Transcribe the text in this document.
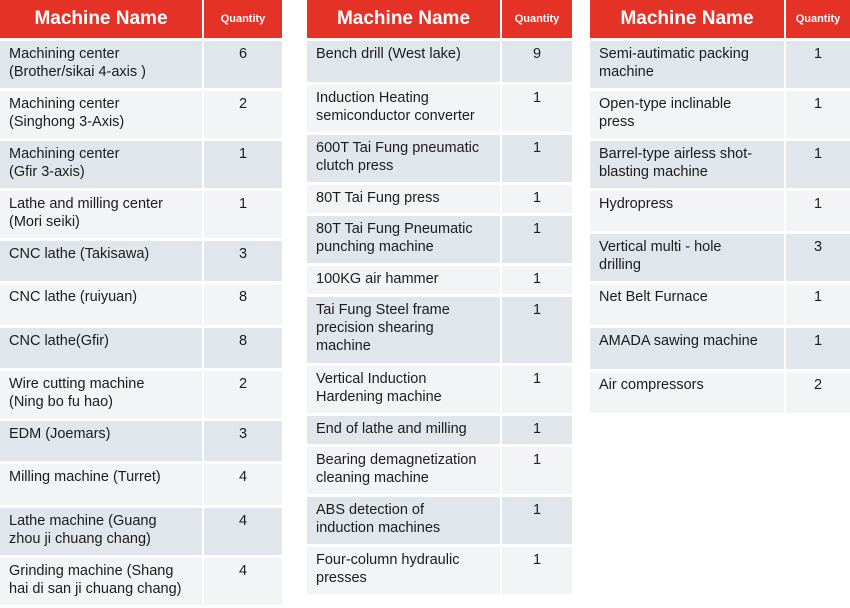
Machine Name	Quantity
Machining center
(Brother/sikai 4-axis )	6
Machining center
(Singhong 3-Axis)	2
Machining center
(Gfir 3-axis)	1
Lathe and milling center
(Mori seiki)	1
CNC lathe (Takisawa)	3
CNC lathe (ruiyuan)	8
CNC lathe(Gfir)	8
Wire cutting machine
(Ning bo fu hao)	2
EDM (Joemars)	3
Milling machine (Turret)	4
Lathe machine (Guang
zhou ji chuang chang)	4
Grinding machine (Shang
hai di san ji chuang chang)	4
Machine Name	Quantity
Bench drill (West lake)	9
Induction Heating
semiconductor converter	1
600T Tai Fung pneumatic
clutch press	1
80T Tai Fung press	1
80T Tai Fung Pneumatic
punching machine	1
100KG air hammer	1
Tai Fung Steel frame
precision shearing
machine	1
Vertical Induction
Hardening machine	1
End of lathe and milling	1
Bearing demagnetization
cleaning machine	1
ABS detection of
induction machines	1
Four-column hydraulic
presses	1
Machine Name	Quantity
Semi-autimatic packing
machine	1
Open-type inclinable
press	1
Barrel-type airless shot-
blasting machine	1
Hydropress	1
Vertical multi - hole
drilling	3
Net Belt Furnace	1
AMADA sawing machine	1
Air compressors	2
